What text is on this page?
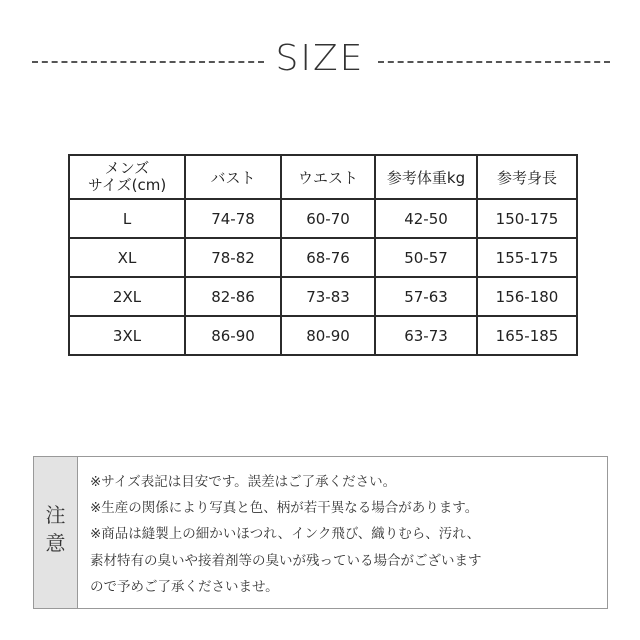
SIZE
メンズ
サイズ(cm)	バスト	ウエスト	参考体重kg	参考身長
L	74-78	60-70	42-50	150-175
XL	78-82	68-76	50-57	155-175
2XL	82-86	73-83	57-63	156-180
3XL	86-90	80-90	63-73	165-185
注
意
※サイズ表記は目安です。誤差はご了承ください。
※生産の関係により写真と色、柄が若干異なる場合があります。
※商品は縫製上の細かいほつれ、インク飛び、織りむら、汚れ、
素材特有の臭いや接着剤等の臭いが残っている場合がございます
ので予めご了承くださいませ。
